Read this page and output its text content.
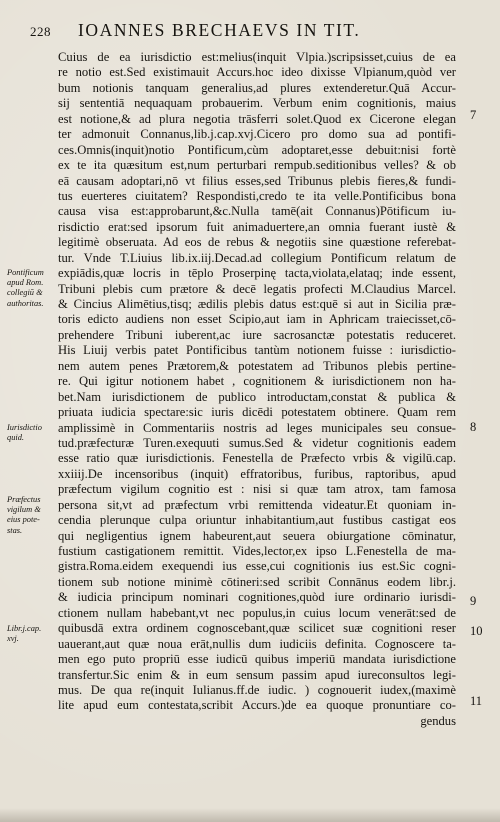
228 IOANNES BRECHAEVS IN TIT.
Cuius de ea iurisdictio est:melius(inquit Vlpia.)scripsisset,cuius de ea
re notio est.Sed existimauit Accurs.hoc ideo dixisse Vlpianum,quòd ver
bum notionis tanquam generalius,ad plures extenderetur.Quā Accur-
sij sententiā nequaquam probauerim. Verbum enim cognitionis, maius
est notione,& ad plura negotia trāsferri solet.Quod ex Cicerone elegan
ter admonuit Connanus,lib.j.cap.xvj.Cicero pro domo sua ad pontifi-
ces.Omnis(inquit)notio Pontificum,cùm adoptaret,esse debuit:nisi fortè
ex te ita quæsitum est,num perturbari rempub.seditionibus velles? & ob
eā causam adoptari,nō vt filius esses,sed Tribunus plebis fieres,& fundi-
tus euerteres ciuitatem? Respondisti,credo te ita velle.Pontificibus bona
causa visa est:approbarunt,&c.Nulla tamē(ait Connanus)Pōtificum iu-
risdictio erat:sed ipsorum fuit animaduertere,an omnia fuerant iustè &
legitimè obseruata. Ad eos de rebus & negotiis sine quæstione referebat-
tur. Vnde T.Liuius lib.ix.iij.Decad.ad collegium Pontificum relatum de
expiādis,quæ locris in tēplo Proserpinę tacta,violata,elataq; inde essent,
Tribuni plebis cum prætore & decē legatis profecti M.Claudius Marcel.
& Cincius Alimētius,tisq; ædilis plebis datus est:quē si aut in Sicilia præ-
toris edicto audiens non esset Scipio,aut iam in Aphricam traiecisset,cō-
prehendere Tribuni iuberent,ac iure sacrosanctæ potestatis reduceret.
His Liuij verbis patet Pontificibus tantùm notionem fuisse : iurisdictio-
nem autem penes Prætorem,& potestatem ad Tribunos plebis pertine-
re. Qui igitur notionem habet , cognitionem & iurisdictionem non ha-
bet.Nam iurisdictionem de publico introductam,constat & publica &
priuata iudicia spectare:sic iuris dicēdi potestatem obtinere. Quam rem
amplissimè in Commentariis nostris ad leges municipales seu consue-
tud.præfecturæ Turen.exequuti sumus.Sed & videtur cognitionis eadem
esse ratio quæ iurisdictionis. Fenestella de Præfecto vrbis & vigilū.cap.
xxiiij.De incensoribus (inquit) effratoribus, furibus, raptoribus, apud
præfectum vigilum cognitio est : nisi si quæ tam atrox, tam famosa
persona sit,vt ad præfectum vrbi remittenda videatur.Et quoniam in-
cendia plerunque culpa oriuntur inhabitantium,aut fustibus castigat eos
qui negligentius ignem habeurent,aut seuera obiurgatione cōminatur,
fustium castigationem remittit. Vides,lector,ex ipso L.Fenestella de ma-
gistra.Roma.eidem exequendi ius esse,cui cognitionis ius est.Sic cogni-
tionem sub notione minimè cōtineri:sed scribit Connānus eodem libr.j.
& iudicia principum nominari cognitiones,quòd iure ordinario iurisdi-
ctionem nullam habebant,vt nec populus,in cuius locum venerāt:sed de
quibusdā extra ordinem cognoscebant,quæ scilicet suæ cognitioni reser
uauerant,aut quæ noua erāt,nullis dum iudiciis definita. Cognoscere ta-
men ego puto propriū esse iudicū quibus imperiū mandata iurisdictione
transfertur.Sic enim & in eum sensum passim apud iureconsultos legi-
mus. De qua re(inquit Iulianus.ff.de iudic. ) cognouerit iudex,(maximè
lite apud eum contestata,scribit Accurs.)de ea quoque pronuntiare co-
gendus
Pontificum
apud Rom.
collegiū &
authoritas.
Iurisdictio
quid.
Præfectus
vigilum &
eius pote-
stas.
Libr.j.cap.
xvj.
7
8
9
10
11
